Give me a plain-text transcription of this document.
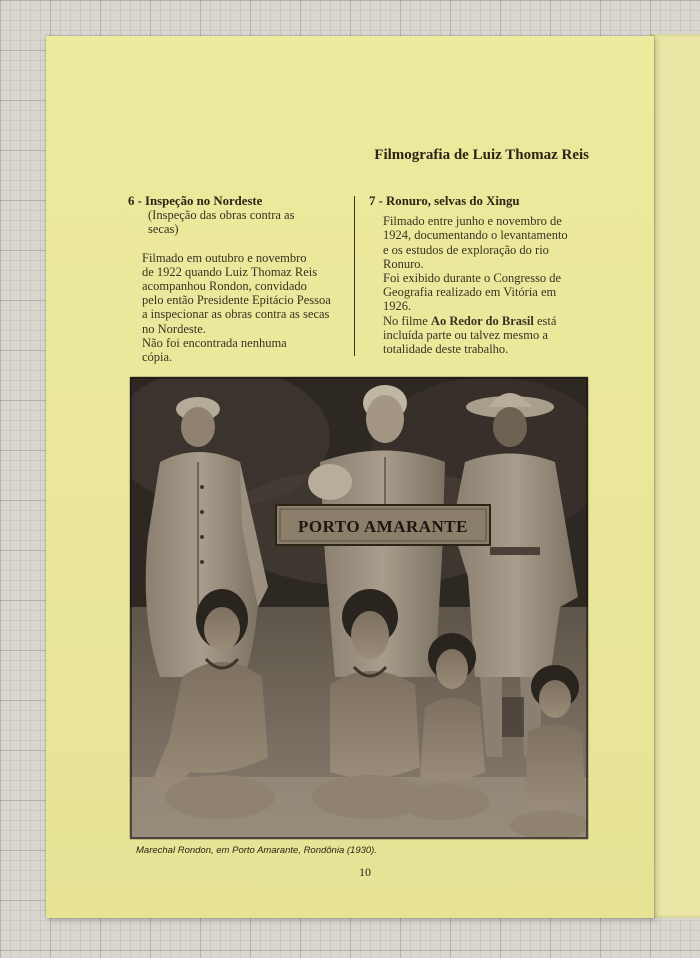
Filmografia de Luiz Thomaz Reis
6 - Inspeção no Nordeste
(Inspeção das obras contra as
secas)
Filmado em outubro e novembro
de 1922 quando Luiz Thomaz Reis
acompanhou Rondon, convidado
pelo então Presidente Epitácio Pessoa
a inspecionar as obras contra as secas
no Nordeste.
Não foi encontrada nenhuma
cópia.
7 - Ronuro, selvas do Xingu
Filmado entre junho e novembro de
1924, documentando o levantamento
e os estudos de exploração do rio
Ronuro.
Foi exibido durante o Congresso de
Geografia realizado em Vitória em
1926.
No filme Ao Redor do Brasil está
incluída parte ou talvez mesmo a
totalidade deste trabalho.
PORTO AMARANTE
Marechal Rondon, em Porto Amarante, Rondônia (1930).
10
